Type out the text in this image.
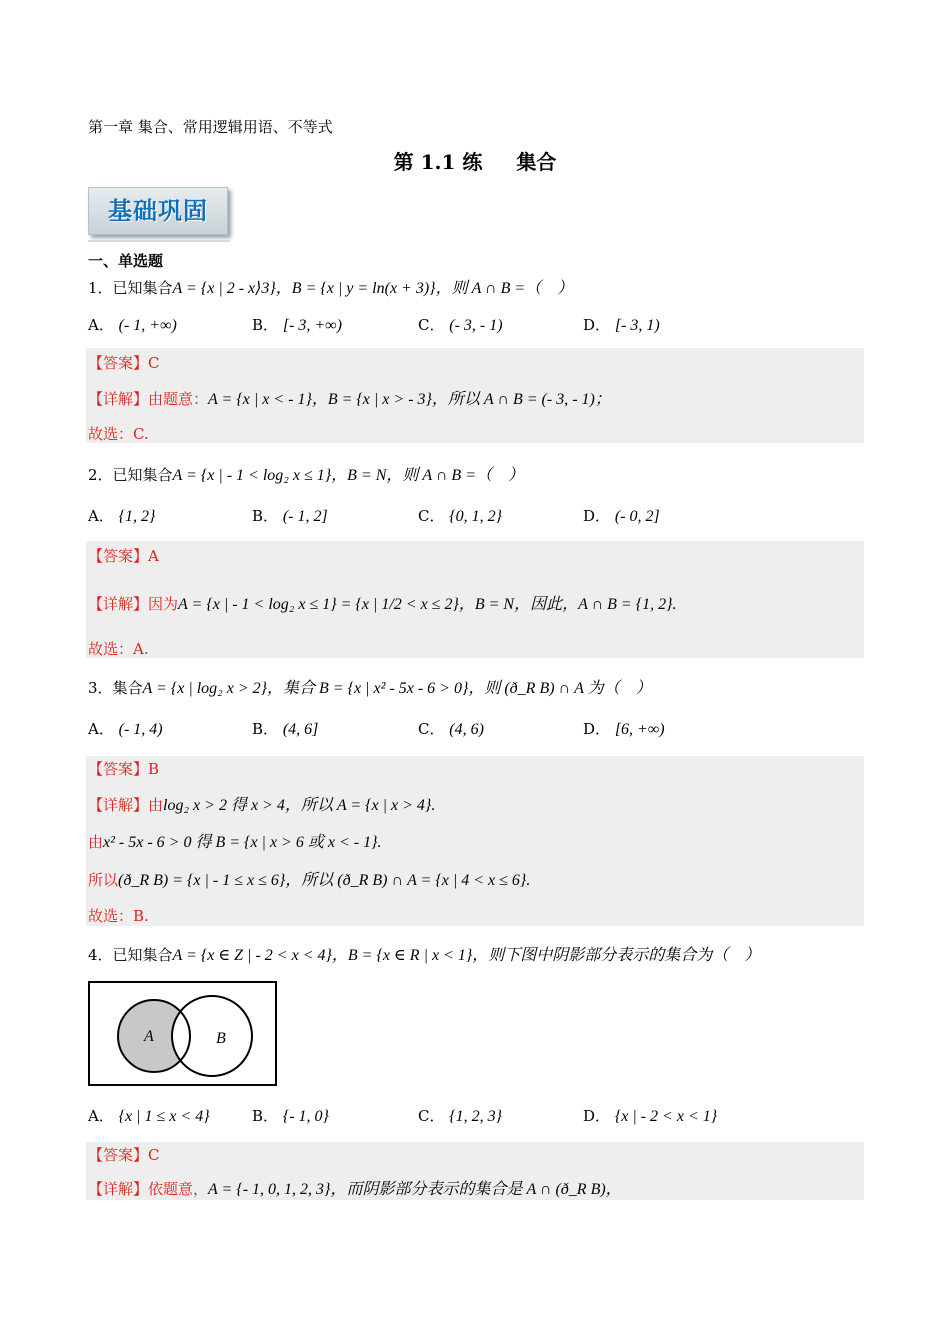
第一章 集合、常用逻辑用语、不等式
第 1.1 练 集合
基础巩固
一、单选题
1．已知集合A = {x | 2 - x⟩3}，B = {x | y = ln(x + 3)}，则 A ∩ B =（　）
A． (- 1, +∞)	B． [- 3, +∞)	C． (- 3, - 1)	D． [- 3, 1)
【答案】C
【详解】由题意：A = {x | x < - 1}，B = {x | x > - 3}，所以 A ∩ B = (- 3, - 1)；
故选：C.
2．已知集合A = {x | - 1 < log₂ x ≤ 1}，B = N，则 A ∩ B =（　）
A． {1, 2}	B． (- 1, 2]	C． {0, 1, 2}	D． (- 0, 2]
【答案】A
【详解】因为A = {x | - 1 < log₂ x ≤ 1} = {x | 1/2 < x ≤ 2}，B = N，因此，A ∩ B = {1, 2}.
故选：A.
3．集合A = {x | log₂ x > 2}，集合 B = {x | x² - 5x - 6 > 0}，则 (ð_R B) ∩ A 为（　）
A． (- 1, 4)	B． (4, 6]	C． (4, 6)	D． [6, +∞)
【答案】B
【详解】由log₂ x > 2 得 x > 4，所以 A = {x | x > 4}.
由x² - 5x - 6 > 0 得 B = {x | x > 6 或 x < - 1}.
所以(ð_R B) = {x | - 1 ≤ x ≤ 6}，所以 (ð_R B) ∩ A = {x | 4 < x ≤ 6}.
故选：B.
4．已知集合A = {x ∈ Z | - 2 < x < 4}，B = {x ∈ R | x < 1}，则下图中阴影部分表示的集合为（　）
A	B
A． {x | 1 ≤ x < 4}	B． {- 1, 0}	C． {1, 2, 3}	D． {x | - 2 < x < 1}
【答案】C
【详解】依题意，A = {- 1, 0, 1, 2, 3}，而阴影部分表示的集合是 A ∩ (ð_R B)，
